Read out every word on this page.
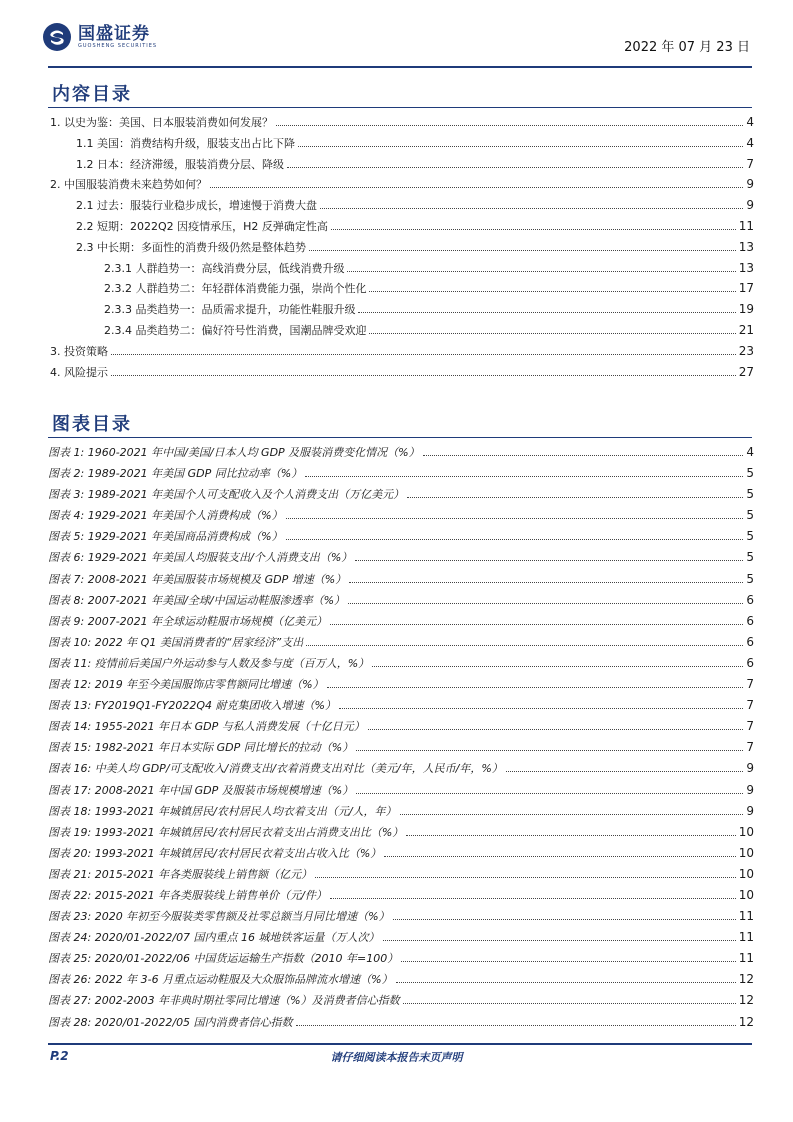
国盛证券
GUOSHENG SECURITIES	2022 年 07 月 23 日
内容目录
1. 以史为鉴：美国、日本服装消费如何发展？	4
1.1 美国：消费结构升级，服装支出占比下降	4
1.2 日本：经济滞缓，服装消费分层、降级	7
2. 中国服装消费未来趋势如何？	9
2.1 过去：服装行业稳步成长，增速慢于消费大盘	9
2.2 短期：2022Q2 因疫情承压，H2 反弹确定性高	11
2.3 中长期：多面性的消费升级仍然是整体趋势	13
2.3.1 人群趋势一：高线消费分层，低线消费升级	13
2.3.2 人群趋势二：年轻群体消费能力强，崇尚个性化	17
2.3.3 品类趋势一：品质需求提升，功能性鞋服升级	19
2.3.4 品类趋势二：偏好符号性消费，国潮品牌受欢迎	21
3. 投资策略	23
4. 风险提示	27
图表目录
图表 1: 1960-2021 年中国/美国/日本人均 GDP 及服装消费变化情况（%）	4
图表 2: 1989-2021 年美国 GDP 同比拉动率（%）	5
图表 3: 1989-2021 年美国个人可支配收入及个人消费支出（万亿美元）	5
图表 4: 1929-2021 年美国个人消费构成（%）	5
图表 5: 1929-2021 年美国商品消费构成（%）	5
图表 6: 1929-2021 年美国人均服装支出/个人消费支出（%）	5
图表 7: 2008-2021 年美国服装市场规模及 GDP 增速（%）	5
图表 8: 2007-2021 年美国/全球/中国运动鞋服渗透率（%）	6
图表 9: 2007-2021 年全球运动鞋服市场规模（亿美元）	6
图表 10: 2022 年 Q1 美国消费者的“居家经济”支出	6
图表 11: 疫情前后美国户外运动参与人数及参与度（百万人，%）	6
图表 12: 2019 年至今美国服饰店零售额同比增速（%）	7
图表 13: FY2019Q1-FY2022Q4 耐克集团收入增速（%）	7
图表 14: 1955-2021 年日本 GDP 与私人消费发展（十亿日元）	7
图表 15: 1982-2021 年日本实际 GDP 同比增长的拉动（%）	7
图表 16: 中美人均 GDP/可支配收入/消费支出/衣着消费支出对比（美元/年，人民币/年，%）	9
图表 17: 2008-2021 年中国 GDP 及服装市场规模增速（%）	9
图表 18: 1993-2021 年城镇居民/农村居民人均衣着支出（元/人，年）	9
图表 19: 1993-2021 年城镇居民/农村居民衣着支出占消费支出比（%）	10
图表 20: 1993-2021 年城镇居民/农村居民衣着支出占收入比（%）	10
图表 21: 2015-2021 年各类服装线上销售额（亿元）	10
图表 22: 2015-2021 年各类服装线上销售单价（元/件）	10
图表 23: 2020 年初至今服装类零售额及社零总额当月同比增速（%）	11
图表 24: 2020/01-2022/07 国内重点 16 城地铁客运量（万人次）	11
图表 25: 2020/01-2022/06 中国货运运输生产指数（2010 年=100）	11
图表 26: 2022 年 3-6 月重点运动鞋服及大众服饰品牌流水增速（%）	12
图表 27: 2002-2003 年非典时期社零同比增速（%）及消费者信心指数	12
图表 28: 2020/01-2022/05 国内消费者信心指数	12
P.2	请仔细阅读本报告末页声明
